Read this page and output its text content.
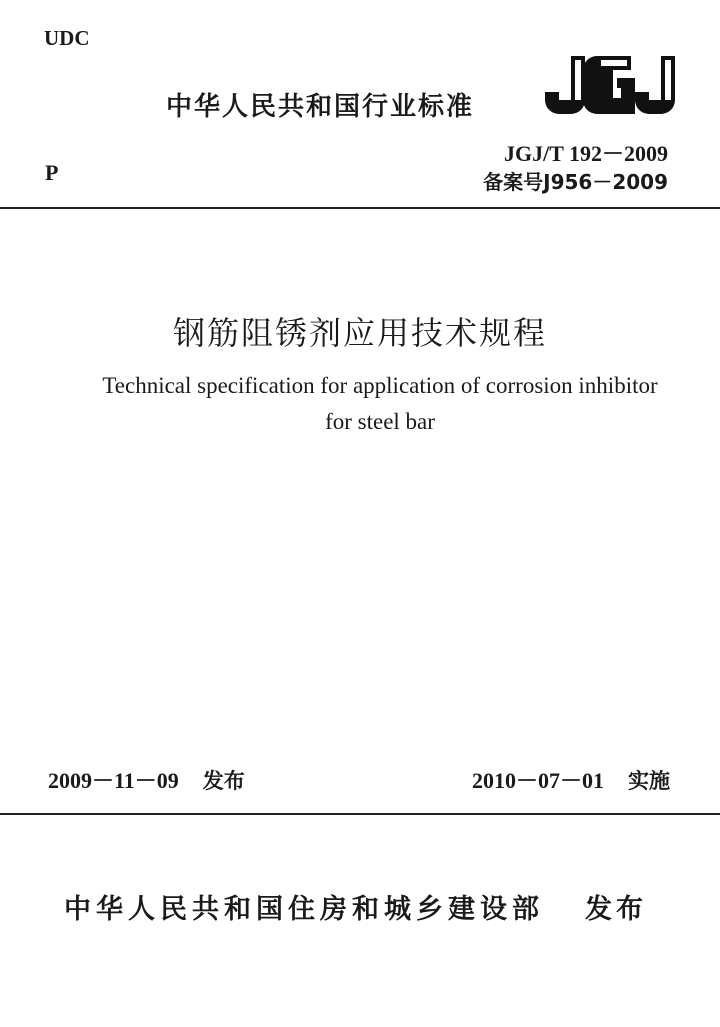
UDC
中华人民共和国行业标准
P
JGJ/T 192－2009
备案号J956－2009
钢筋阻锈剂应用技术规程
Technical specification for application of corrosion inhibitor
for steel bar
2009－11－09 发布	2010－07－01 实施
中华人民共和国住房和城乡建设部 发布
